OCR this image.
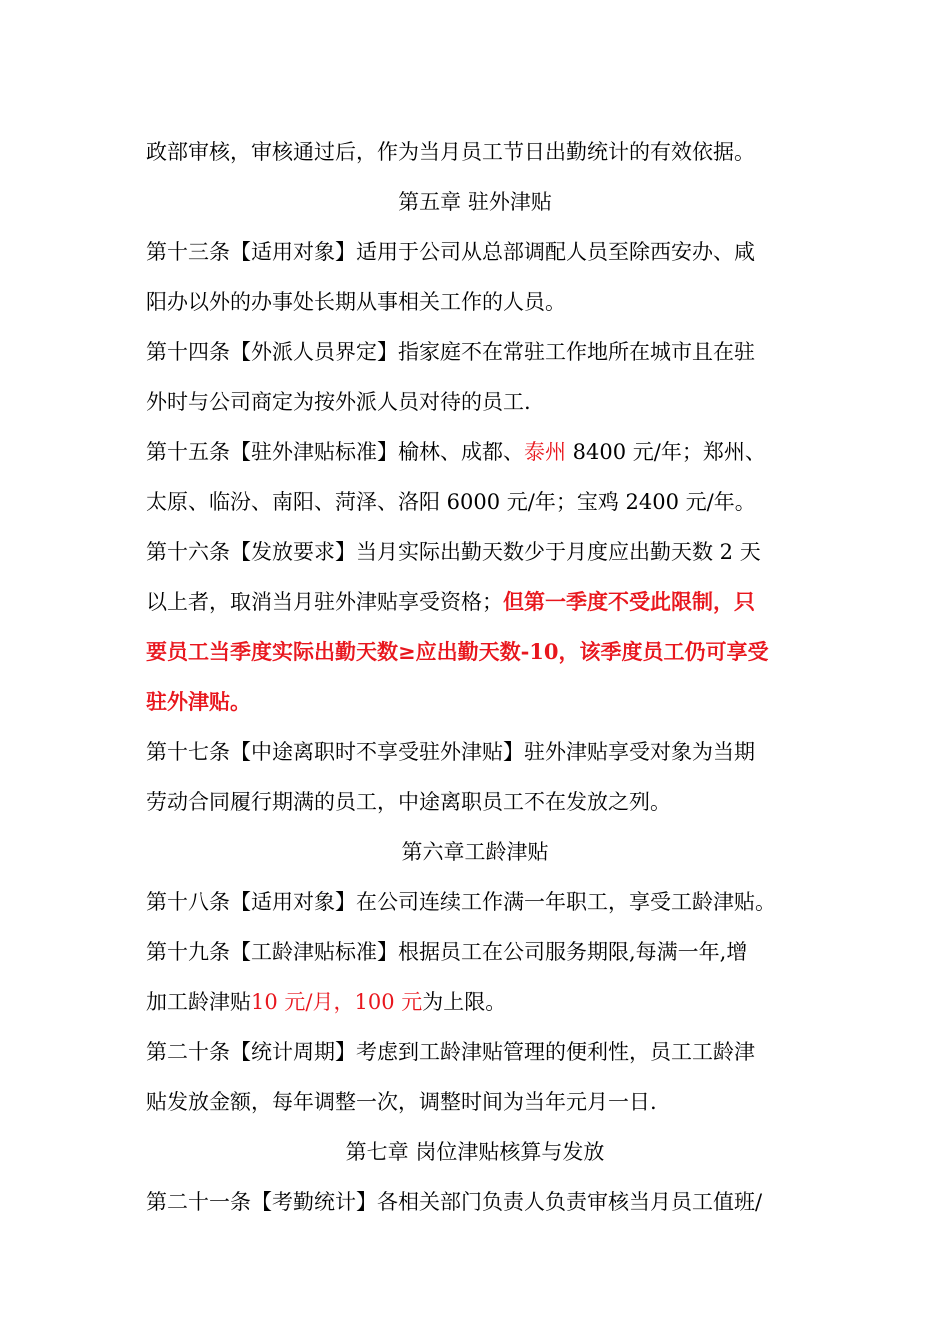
政部审核，审核通过后，作为当月员工节日出勤统计的有效依据。
第五章 驻外津贴
第十三条【适用对象】适用于公司从总部调配人员至除西安办、咸
阳办以外的办事处长期从事相关工作的人员。
第十四条【外派人员界定】指家庭不在常驻工作地所在城市且在驻
外时与公司商定为按外派人员对待的员工.
第十五条【驻外津贴标准】榆林、成都、泰州 8400 元/年；郑州、
太原、临汾、南阳、菏泽、洛阳 6000 元/年；宝鸡 2400 元/年。
第十六条【发放要求】当月实际出勤天数少于月度应出勤天数 2 天
以上者，取消当月驻外津贴享受资格；但第一季度不受此限制，只
要员工当季度实际出勤天数≥应出勤天数-10，该季度员工仍可享受
驻外津贴。
第十七条【中途离职时不享受驻外津贴】驻外津贴享受对象为当期
劳动合同履行期满的员工，中途离职员工不在发放之列。
第六章工龄津贴
第十八条【适用对象】在公司连续工作满一年职工，享受工龄津贴。
第十九条【工龄津贴标准】根据员工在公司服务期限,每满一年,增
加工龄津贴10 元/月，100 元为上限。
第二十条【统计周期】考虑到工龄津贴管理的便利性，员工工龄津
贴发放金额，每年调整一次，调整时间为当年元月一日.
第七章 岗位津贴核算与发放
第二十一条【考勤统计】各相关部门负责人负责审核当月员工值班/
